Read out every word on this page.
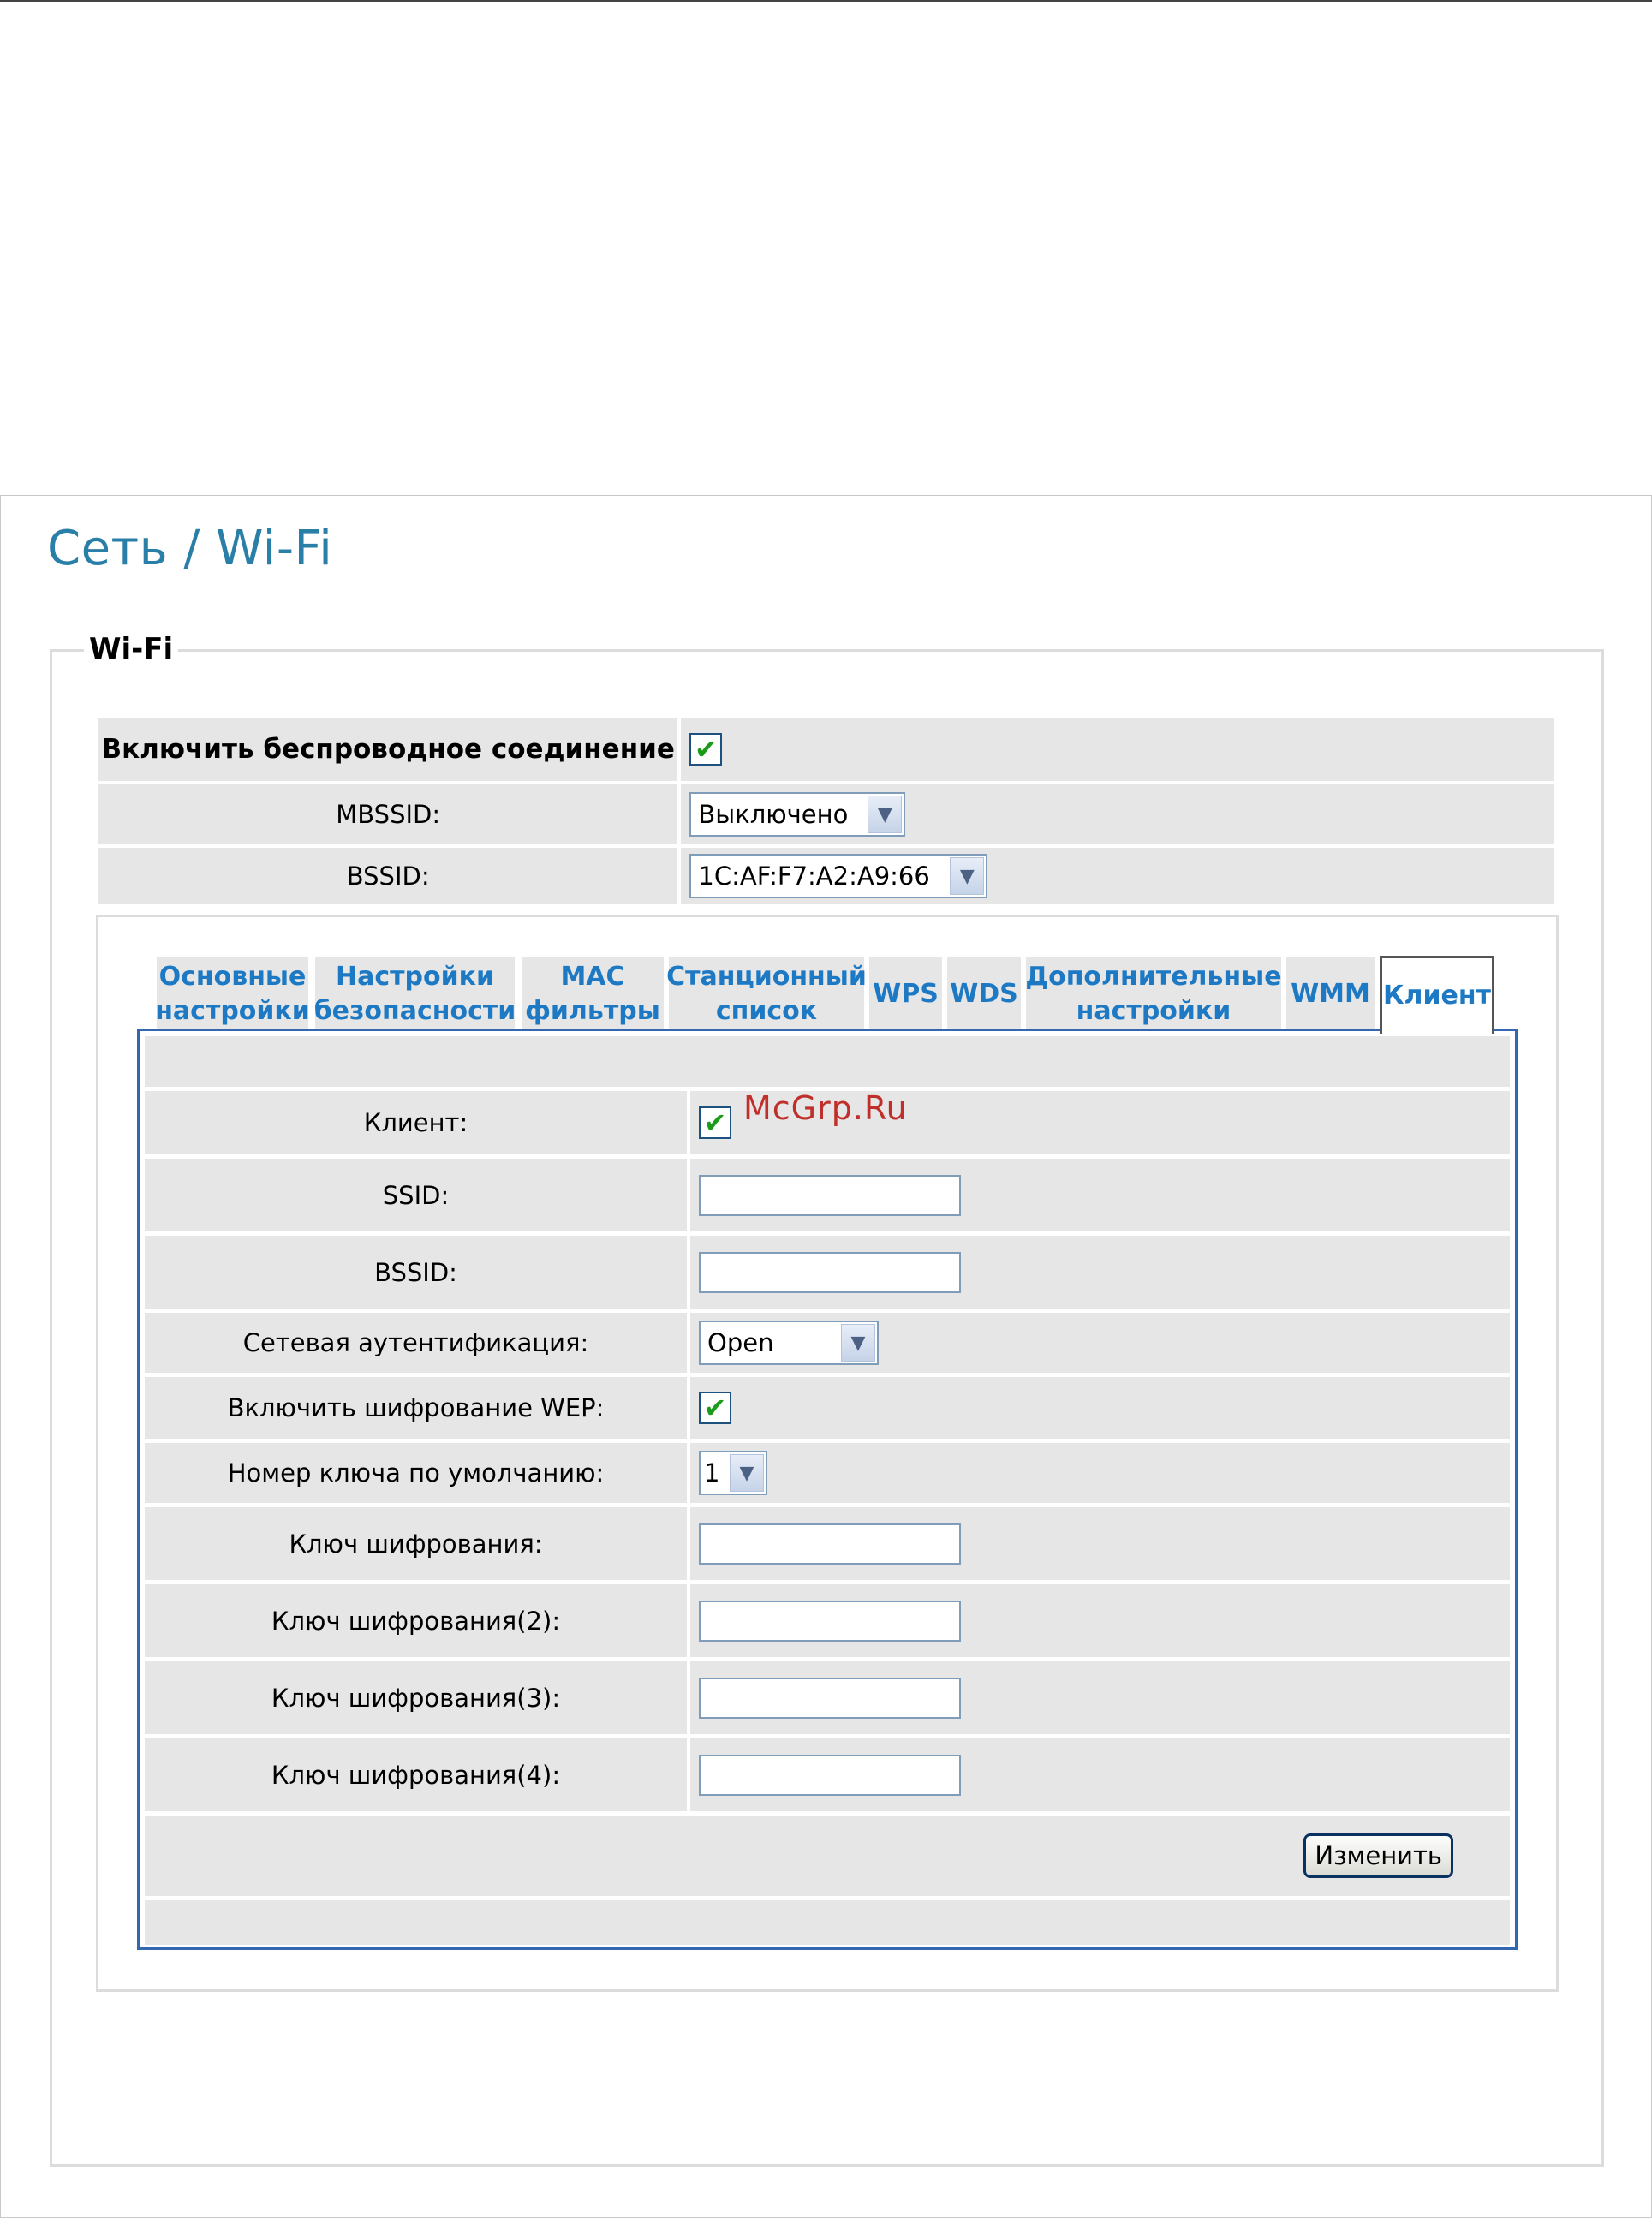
Сеть / Wi-Fi
Wi-Fi
Включить беспроводное соединение ✔
MBSSID:	Выключено	▼
BSSID:	1C:AF:F7:A2:A9:66	▼
Основные
настройки
Настройки
безопасности
MAC
фильтры
Станционный
список
WPS WDS
Дополнительные
настройки
WMM Клиент
Клиент:	✔
SSID:
BSSID:
Сетевая аутентификация:	Open	▼
Включить шифрование WEP:	✔
Номер ключа по умолчанию:	1	▼
Ключ шифрования:
Ключ шифрования(2):
Ключ шифрования(3):
Ключ шифрования(4):
Изменить
McGrp.Ru
